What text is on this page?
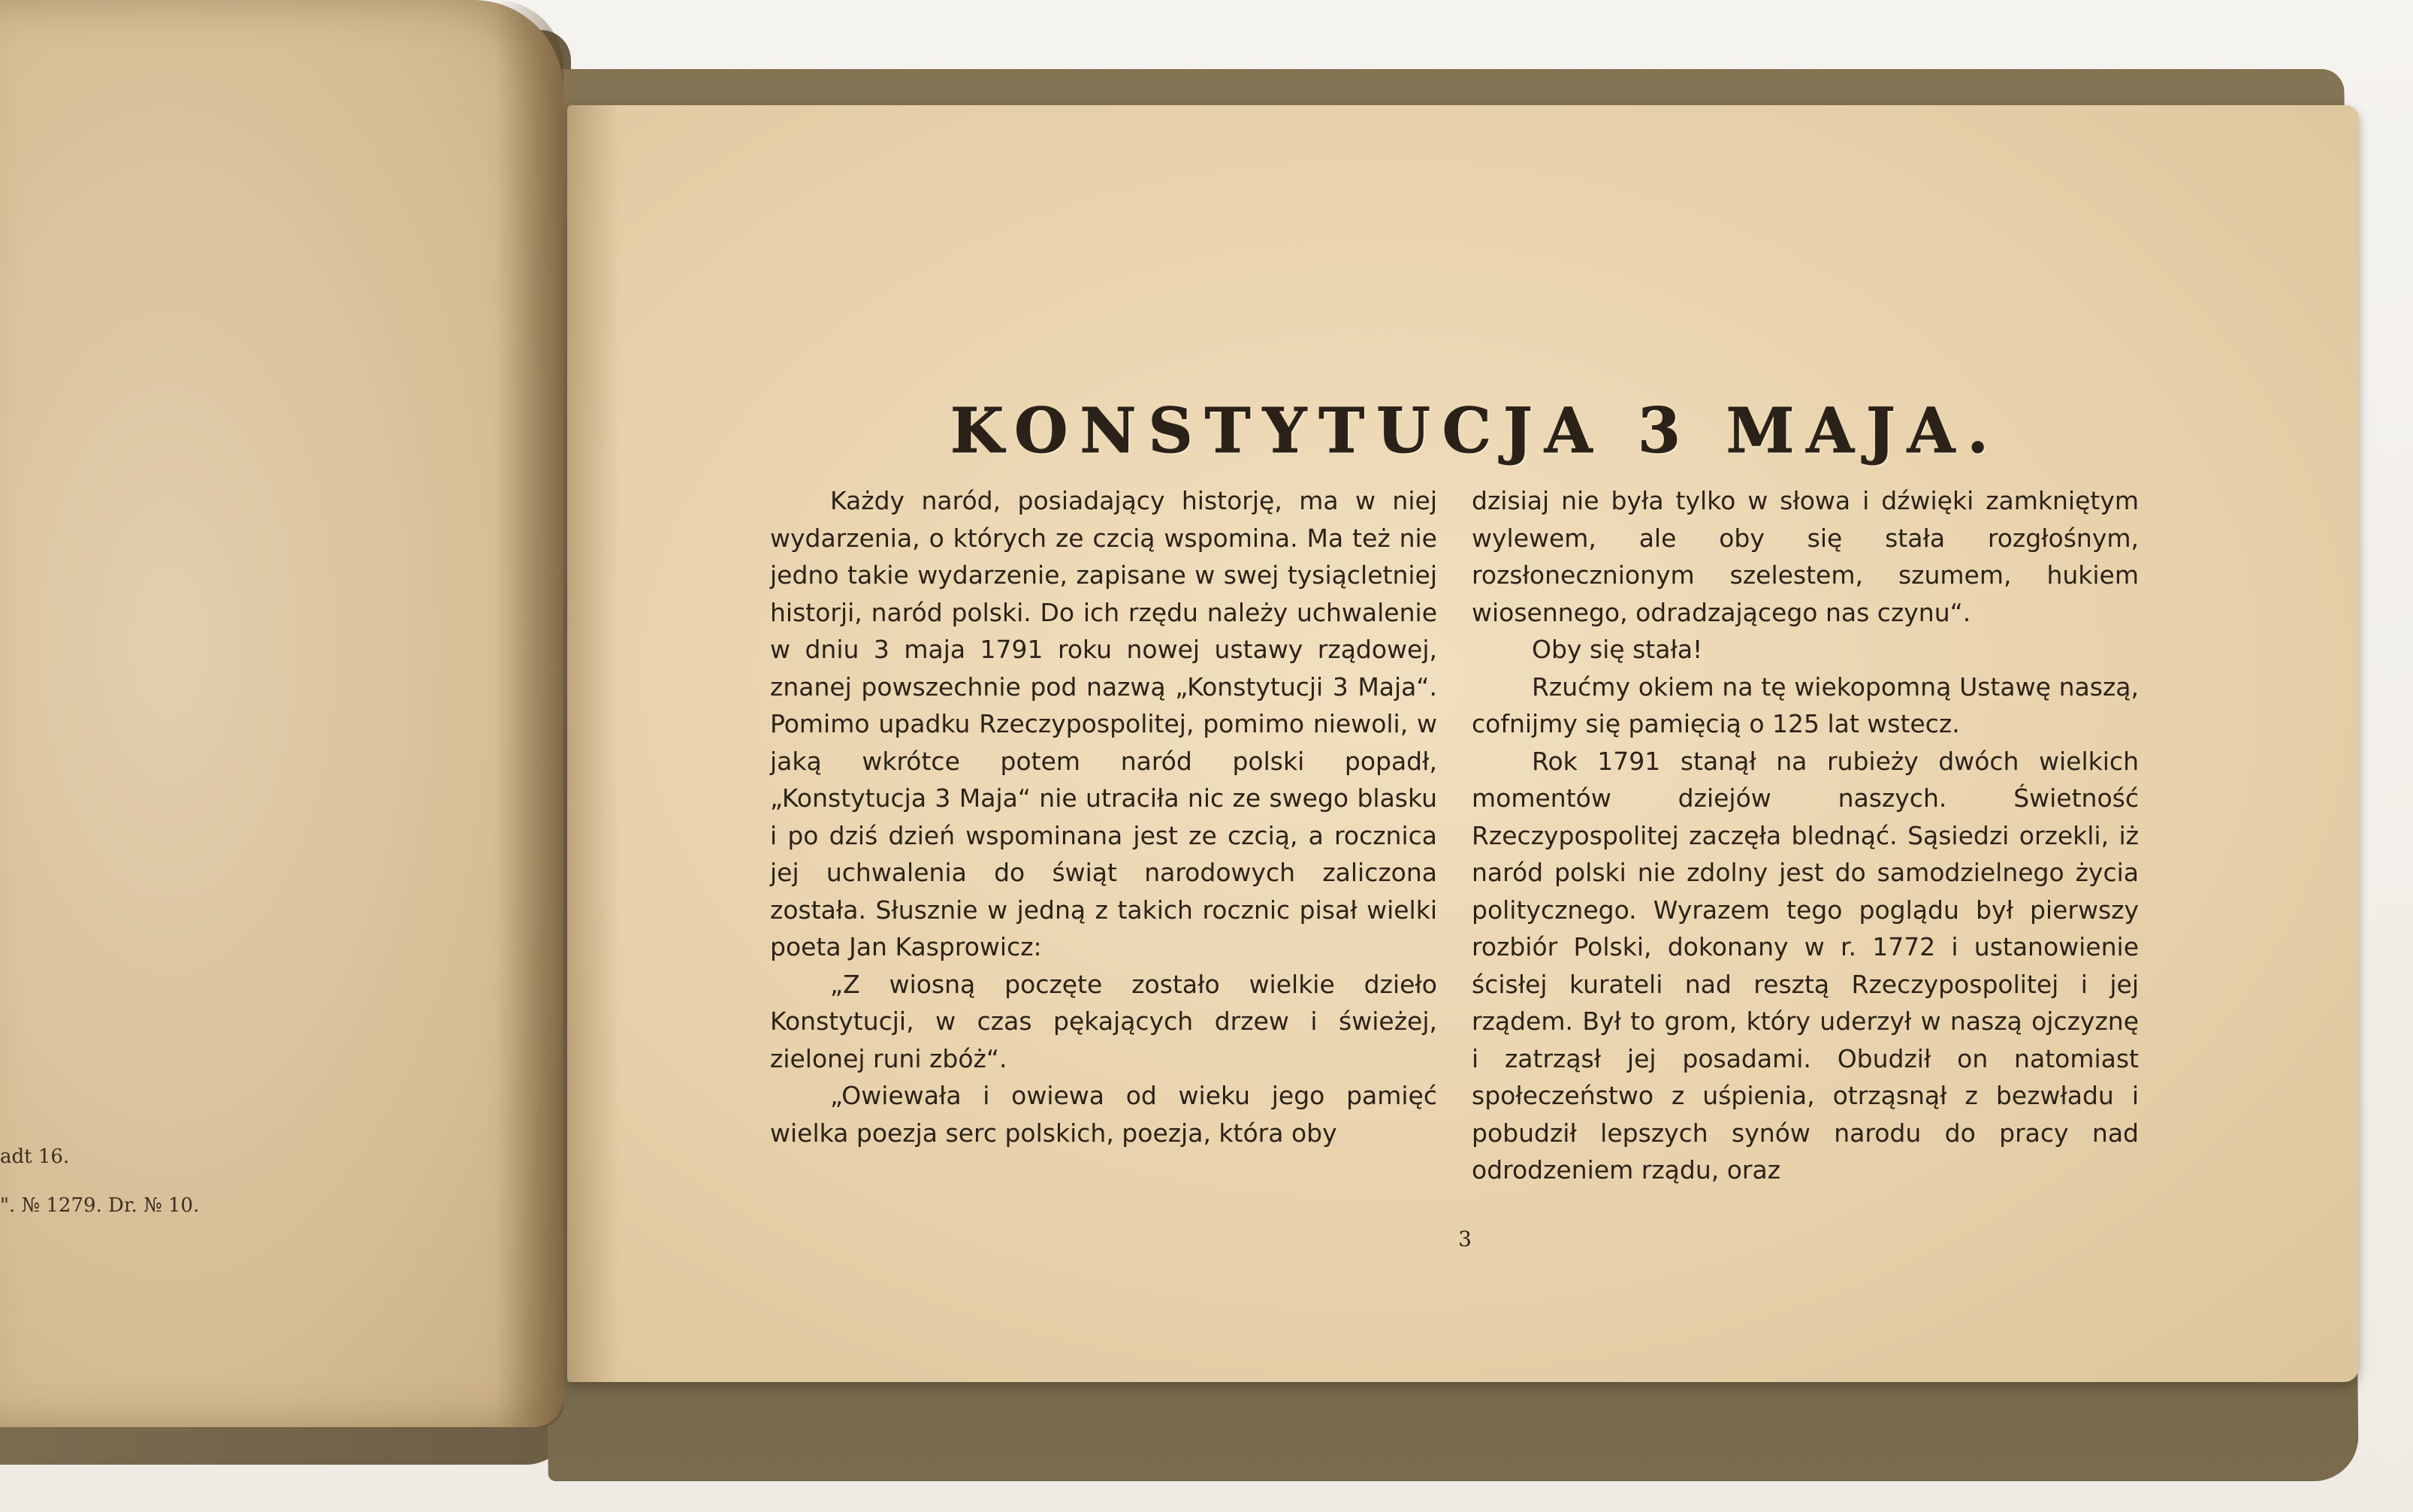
adt 16.
". № 1279. Dr. № 10.
KONSTYTUCJA 3 MAJA.

Każdy naród, posiadający historję, ma w niej wydarzenia, o których ze czcią wspomina. Ma też nie jedno takie wydarzenie, zapisane w swej tysiącletniej historji, naród polski. Do ich rzędu należy uchwalenie w dniu 3 maja 1791 roku nowej ustawy rządowej, znanej powszechnie pod nazwą „Konstytucji 3 Maja“. Pomimo upadku Rzeczypospolitej, pomimo niewoli, w jaką wkrótce potem naród polski popadł, „Konstytucja 3 Maja“ nie utraciła nic ze swego blasku i po dziś dzień wspominana jest ze czcią, a rocznica jej uchwalenia do świąt narodowych zaliczona została. Słusznie w jedną z takich rocznic pisał wielki poeta Jan Kasprowicz:

„Z wiosną poczęte zostało wielkie dzieło Konstytucji, w czas pękających drzew i świeżej, zielonej runi zbóż“.

„Owiewała i owiewa od wieku jego pamięć wielka poezja serc polskich, poezja, która oby

dzisiaj nie była tylko w słowa i dźwięki zamkniętym wylewem, ale oby się stała rozgłośnym, rozsłonecznionym szelestem, szumem, hukiem wiosennego, odradzającego nas czynu“.

Oby się stała!

Rzućmy okiem na tę wiekopomną Ustawę naszą, cofnijmy się pamięcią o 125 lat wstecz.

Rok 1791 stanął na rubieży dwóch wielkich momentów dziejów naszych. Świetność Rzeczypospolitej zaczęła blednąć. Sąsiedzi orzekli, iż naród polski nie zdolny jest do samodzielnego życia politycznego. Wyrazem tego poglądu był pierwszy rozbiór Polski, dokonany w r. 1772 i ustanowienie ścisłej kurateli nad resztą Rzeczypospolitej i jej rządem. Był to grom, który uderzył w naszą ojczyznę i zatrząsł jej posadami. Obudził on natomiast społeczeństwo z uśpienia, otrząsnął z bezwładu i pobudził lepszych synów narodu do pracy nad odrodzeniem rządu, oraz

3
